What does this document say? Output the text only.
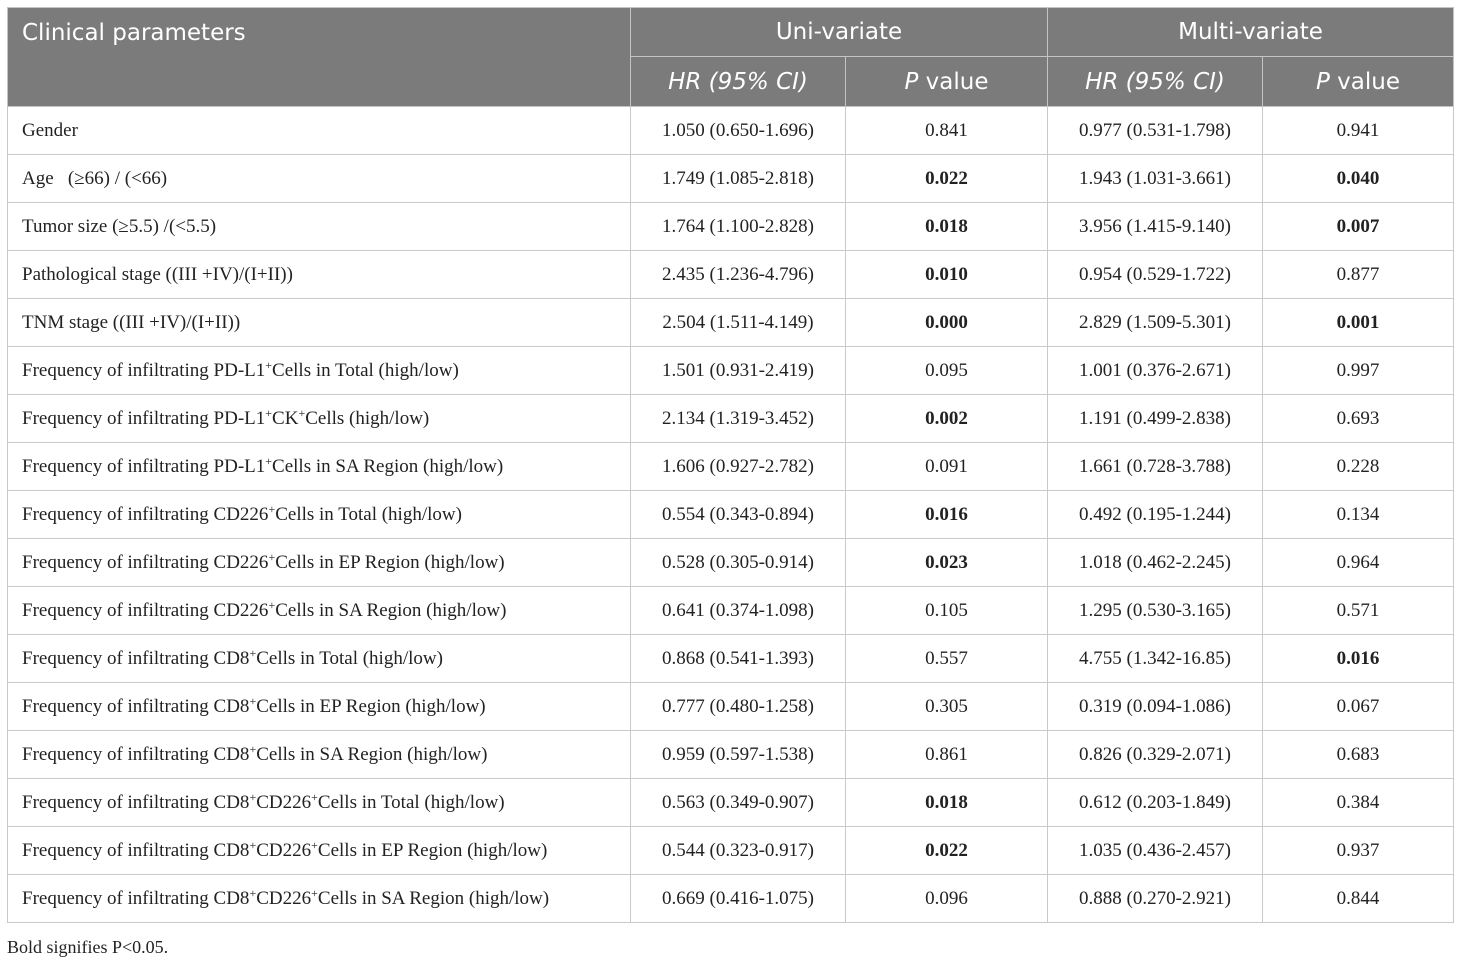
Clinical parameters	Uni-variate		Multi-variate	
	HR (95% CI)	P value	HR (95% CI)	P value
Gender	1.050 (0.650-1.696)	0.841	0.977 (0.531-1.798)	0.941
Age   (≥66) / (<66)	1.749 (1.085-2.818)	0.022	1.943 (1.031-3.661)	0.040
Tumor size (≥5.5) /(<5.5)	1.764 (1.100-2.828)	0.018	3.956 (1.415-9.140)	0.007
Pathological stage ((III +IV)/(I+II))	2.435 (1.236-4.796)	0.010	0.954 (0.529-1.722)	0.877
TNM stage ((III +IV)/(I+II))	2.504 (1.511-4.149)	0.000	2.829 (1.509-5.301)	0.001
Frequency of infiltrating PD-L1+Cells in Total (high/low)	1.501 (0.931-2.419)	0.095	1.001 (0.376-2.671)	0.997
Frequency of infiltrating PD-L1+CK+Cells (high/low)	2.134 (1.319-3.452)	0.002	1.191 (0.499-2.838)	0.693
Frequency of infiltrating PD-L1+Cells in SA Region (high/low)	1.606 (0.927-2.782)	0.091	1.661 (0.728-3.788)	0.228
Frequency of infiltrating CD226+Cells in Total (high/low)	0.554 (0.343-0.894)	0.016	0.492 (0.195-1.244)	0.134
Frequency of infiltrating CD226+Cells in EP Region (high/low)	0.528 (0.305-0.914)	0.023	1.018 (0.462-2.245)	0.964
Frequency of infiltrating CD226+Cells in SA Region (high/low)	0.641 (0.374-1.098)	0.105	1.295 (0.530-3.165)	0.571
Frequency of infiltrating CD8+Cells in Total (high/low)	0.868 (0.541-1.393)	0.557	4.755 (1.342-16.85)	0.016
Frequency of infiltrating CD8+Cells in EP Region (high/low)	0.777 (0.480-1.258)	0.305	0.319 (0.094-1.086)	0.067
Frequency of infiltrating CD8+Cells in SA Region (high/low)	0.959 (0.597-1.538)	0.861	0.826 (0.329-2.071)	0.683
Frequency of infiltrating CD8+CD226+Cells in Total (high/low)	0.563 (0.349-0.907)	0.018	0.612 (0.203-1.849)	0.384
Frequency of infiltrating CD8+CD226+Cells in EP Region (high/low)	0.544 (0.323-0.917)	0.022	1.035 (0.436-2.457)	0.937
Frequency of infiltrating CD8+CD226+Cells in SA Region (high/low)	0.669 (0.416-1.075)	0.096	0.888 (0.270-2.921)	0.844
Bold signifies P<0.05.
